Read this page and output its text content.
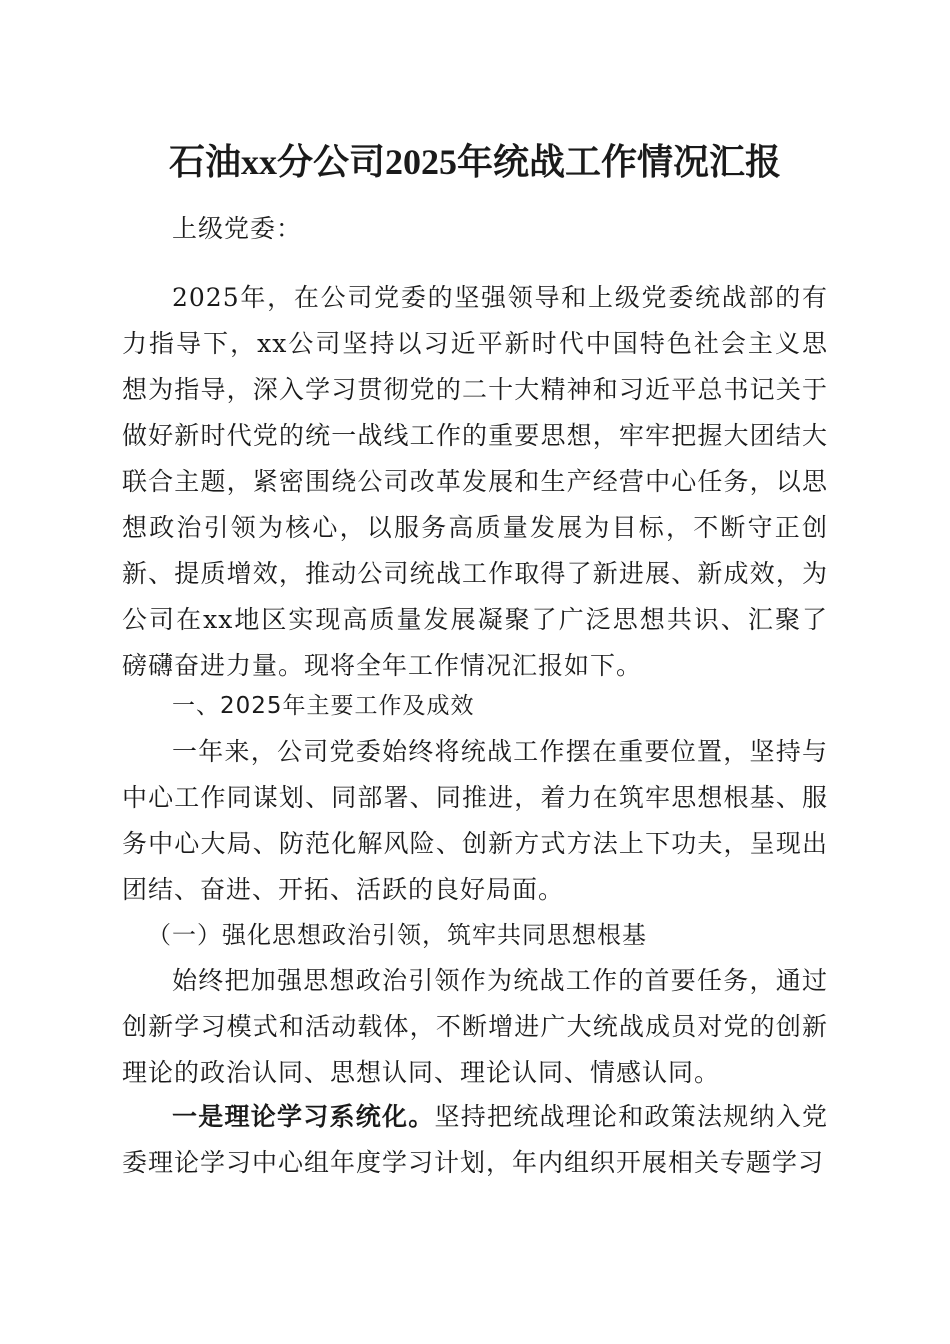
石油xx分公司2025年统战工作情况汇报

上级党委：

2025年，在公司党委的坚强领导和上级党委统战部的有力指导下，xx公司坚持以习近平新时代中国特色社会主义思想为指导，深入学习贯彻党的二十大精神和习近平总书记关于做好新时代党的统一战线工作的重要思想，牢牢把握大团结大联合主题，紧密围绕公司改革发展和生产经营中心任务，以思想政治引领为核心，以服务高质量发展为目标，不断守正创新、提质增效，推动公司统战工作取得了新进展、新成效，为公司在xx地区实现高质量发展凝聚了广泛思想共识、汇聚了磅礴奋进力量。现将全年工作情况汇报如下。

一、2025年主要工作及成效

一年来，公司党委始终将统战工作摆在重要位置，坚持与中心工作同谋划、同部署、同推进，着力在筑牢思想根基、服务中心大局、防范化解风险、创新方式方法上下功夫，呈现出团结、奋进、开拓、活跃的良好局面。

（一）强化思想政治引领，筑牢共同思想根基

始终把加强思想政治引领作为统战工作的首要任务，通过创新学习模式和活动载体，不断增进广大统战成员对党的创新理论的政治认同、思想认同、理论认同、情感认同。

一是理论学习系统化。坚持把统战理论和政策法规纳入党委理论学习中心组年度学习计划，年内组织开展相关专题学习
